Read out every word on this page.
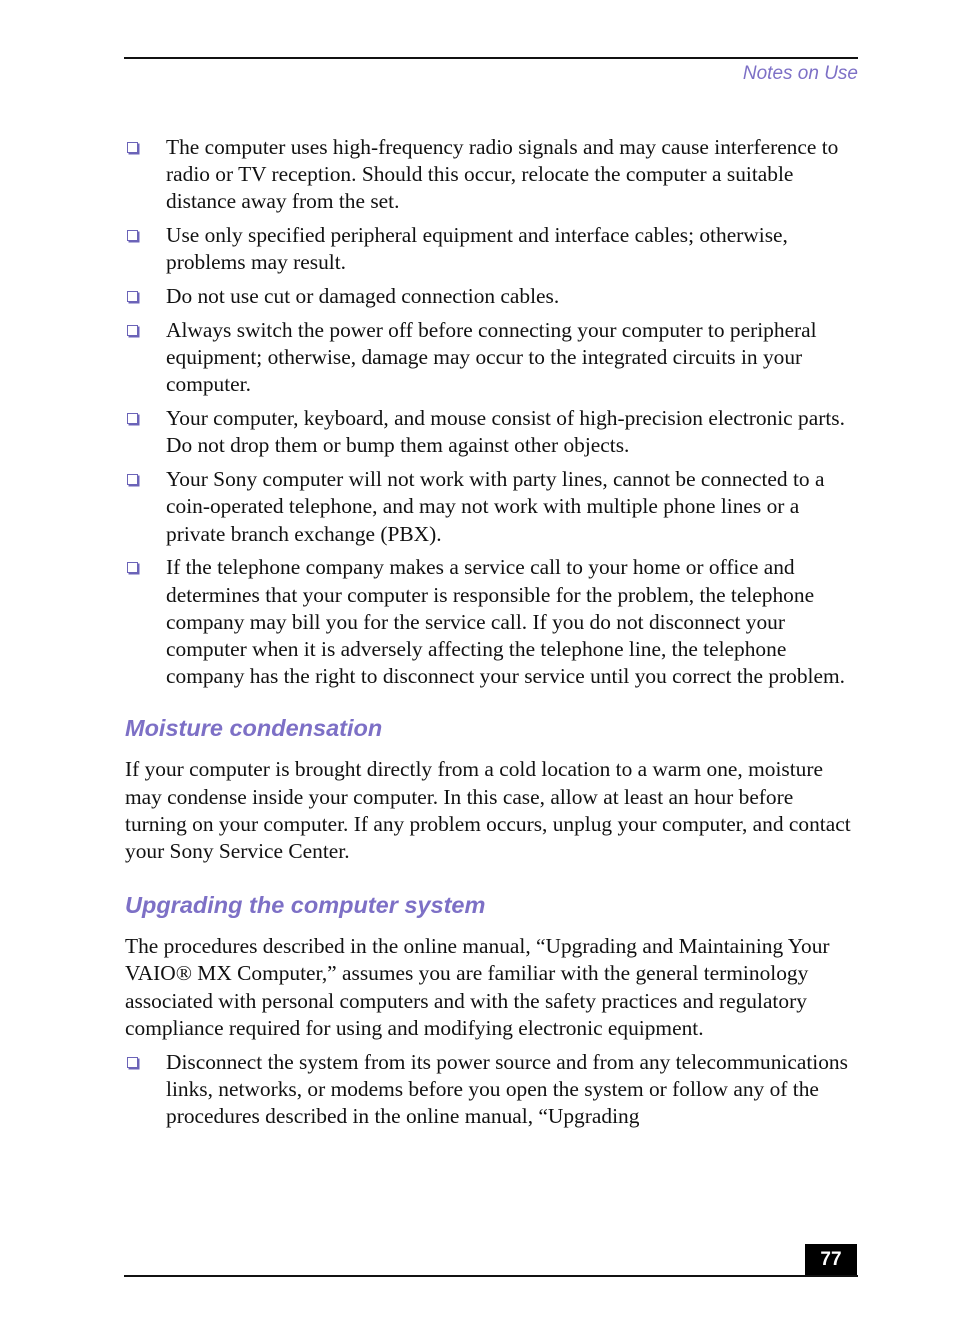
Notes on Use
The computer uses high-frequency radio signals and may cause interference to radio or TV reception. Should this occur, relocate the computer a suitable distance away from the set.
Use only specified peripheral equipment and interface cables; otherwise, problems may result.
Do not use cut or damaged connection cables.
Always switch the power off before connecting your computer to peripheral equipment; otherwise, damage may occur to the integrated circuits in your computer.
Your computer, keyboard, and mouse consist of high-precision electronic parts. Do not drop them or bump them against other objects.
Your Sony computer will not work with party lines, cannot be connected to a coin-operated telephone, and may not work with multiple phone lines or a private branch exchange (PBX).
If the telephone company makes a service call to your home or office and determines that your computer is responsible for the problem, the telephone company may bill you for the service call. If you do not disconnect your computer when it is adversely affecting the telephone line, the telephone company has the right to disconnect your service until you correct the problem.
Moisture condensation

If your computer is brought directly from a cold location to a warm one, moisture may condense inside your computer. In this case, allow at least an hour before turning on your computer. If any problem occurs, unplug your computer, and contact your Sony Service Center.

Upgrading the computer system

The procedures described in the online manual, “Upgrading and Maintaining Your VAIO® MX Computer,” assumes you are familiar with the general terminology associated with personal computers and with the safety practices and regulatory compliance required for using and modifying electronic equipment.

Disconnect the system from its power source and from any telecommunications links, networks, or modems before you open the system or follow any of the procedures described in the online manual, “Upgrading
77
